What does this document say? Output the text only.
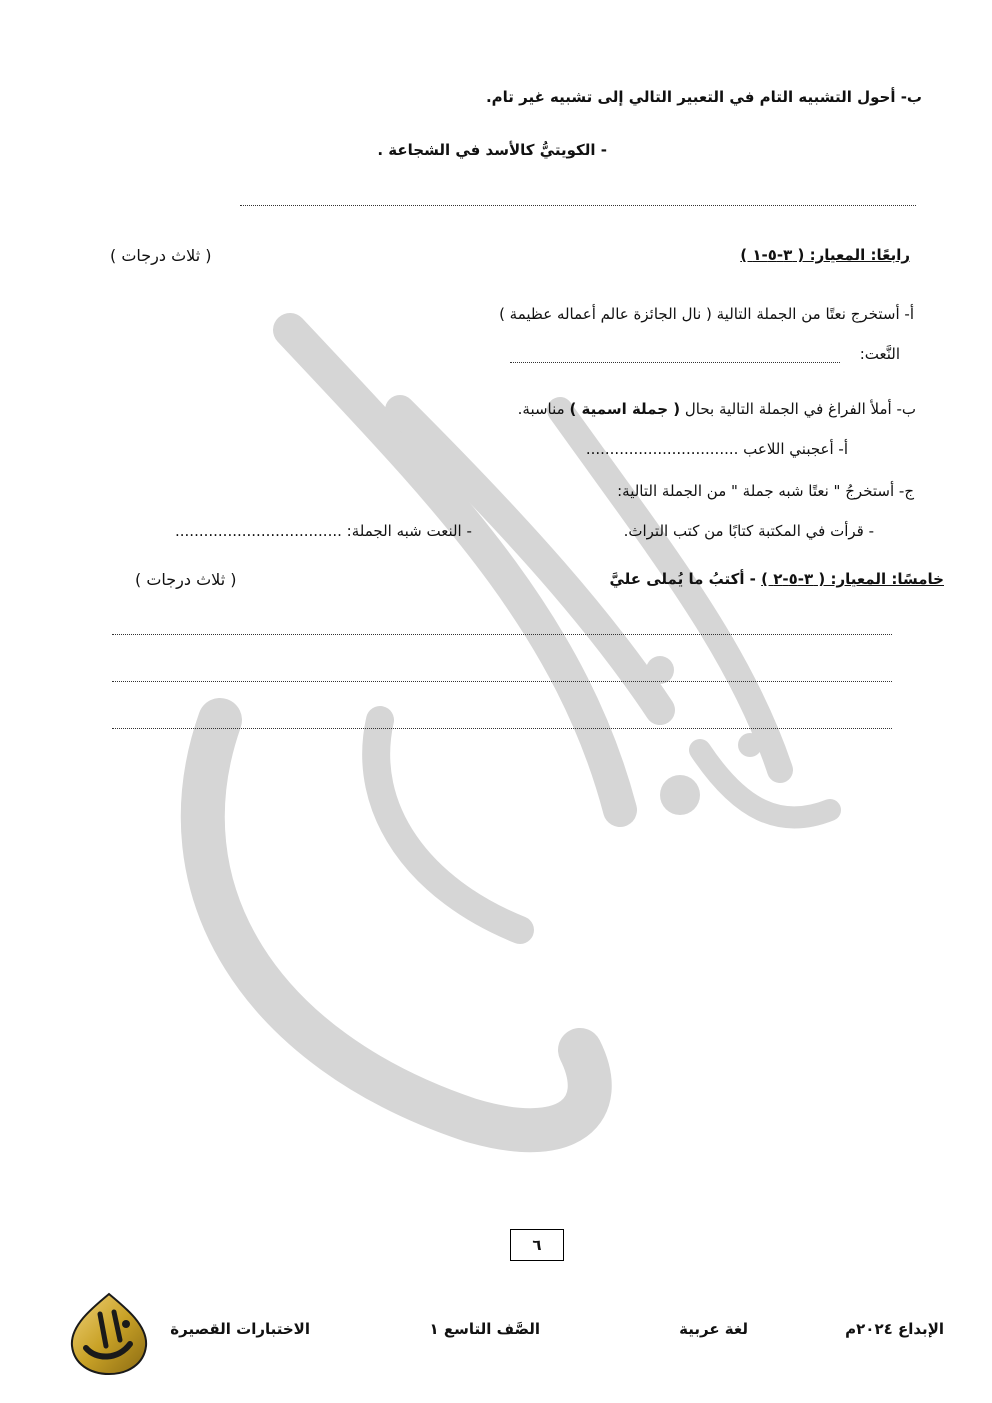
ب- أحول التشبيه التام في التعبير التالي إلى تشبيه غير تام.
- الكويتيُّ كالأسد في الشجاعة .
رابعًا: المعيار: ( ٣-٥-١ )
( ثلاث درجات )
أ- أستخرج نعتًا من الجملة التالية ( نال الجائزة عالم أعماله عظيمة )
النَّعت:
ب- أملأ الفراغ في الجملة التالية بحال ( جملة اسمية ) مناسبة.
أ- أعجبني اللاعب ................................
ج- أستخرجُ " نعتًا شبه جملة " من الجملة التالية:
- قرأت في المكتبة كتابًا من كتب التراث.
- النعت شبه الجملة: ...................................
خامسًا: المعيار: ( ٣-٥-٢ ) - أكتبُ ما يُملى عليَّ
( ثلاث درجات )
٦
الإبداع ٢٠٢٤م
لغة عربية
الصَّف التاسع ١
الاختبارات القصيرة
